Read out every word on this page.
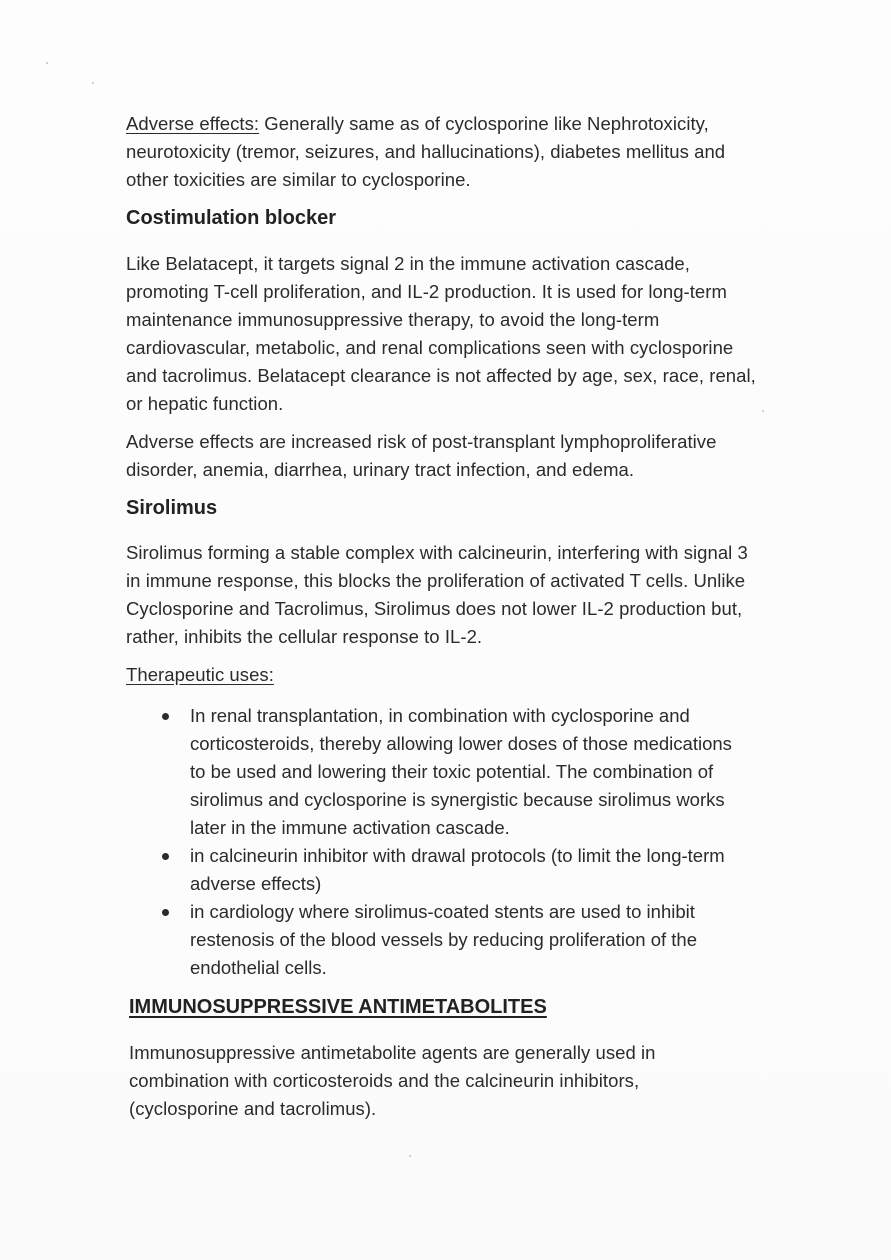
Adverse effects: Generally same as of cyclosporine like Nephrotoxicity, neurotoxicity (tremor, seizures, and hallucinations), diabetes mellitus and other toxicities are similar to cyclosporine.

Costimulation blocker

Like Belatacept, it targets signal 2 in the immune activation cascade, promoting T-cell proliferation, and IL-2 production. It is used for long-term maintenance immunosuppressive therapy, to avoid the long-term cardiovascular, metabolic, and renal complications seen with cyclosporine and tacrolimus. Belatacept clearance is not affected by age, sex, race, renal, or hepatic function.

Adverse effects are increased risk of post-transplant lymphoproliferative disorder, anemia, diarrhea, urinary tract infection, and edema.

Sirolimus

Sirolimus forming a stable complex with calcineurin, interfering with signal 3 in immune response, this blocks the proliferation of activated T cells. Unlike Cyclosporine and Tacrolimus, Sirolimus does not lower IL-2 production but, rather, inhibits the cellular response to IL-2.

Therapeutic uses:

In renal transplantation, in combination with cyclosporine and corticosteroids, thereby allowing lower doses of those medications to be used and lowering their toxic potential. The combination of sirolimus and cyclosporine is synergistic because sirolimus works later in the immune activation cascade.
in calcineurin inhibitor with drawal protocols (to limit the long-term adverse effects)
in cardiology where sirolimus-coated stents are used to inhibit restenosis of the blood vessels by reducing proliferation of the endothelial cells.
IMMUNOSUPPRESSIVE ANTIMETABOLITES

Immunosuppressive antimetabolite agents are generally used in combination with corticosteroids and the calcineurin inhibitors, (cyclosporine and tacrolimus).
